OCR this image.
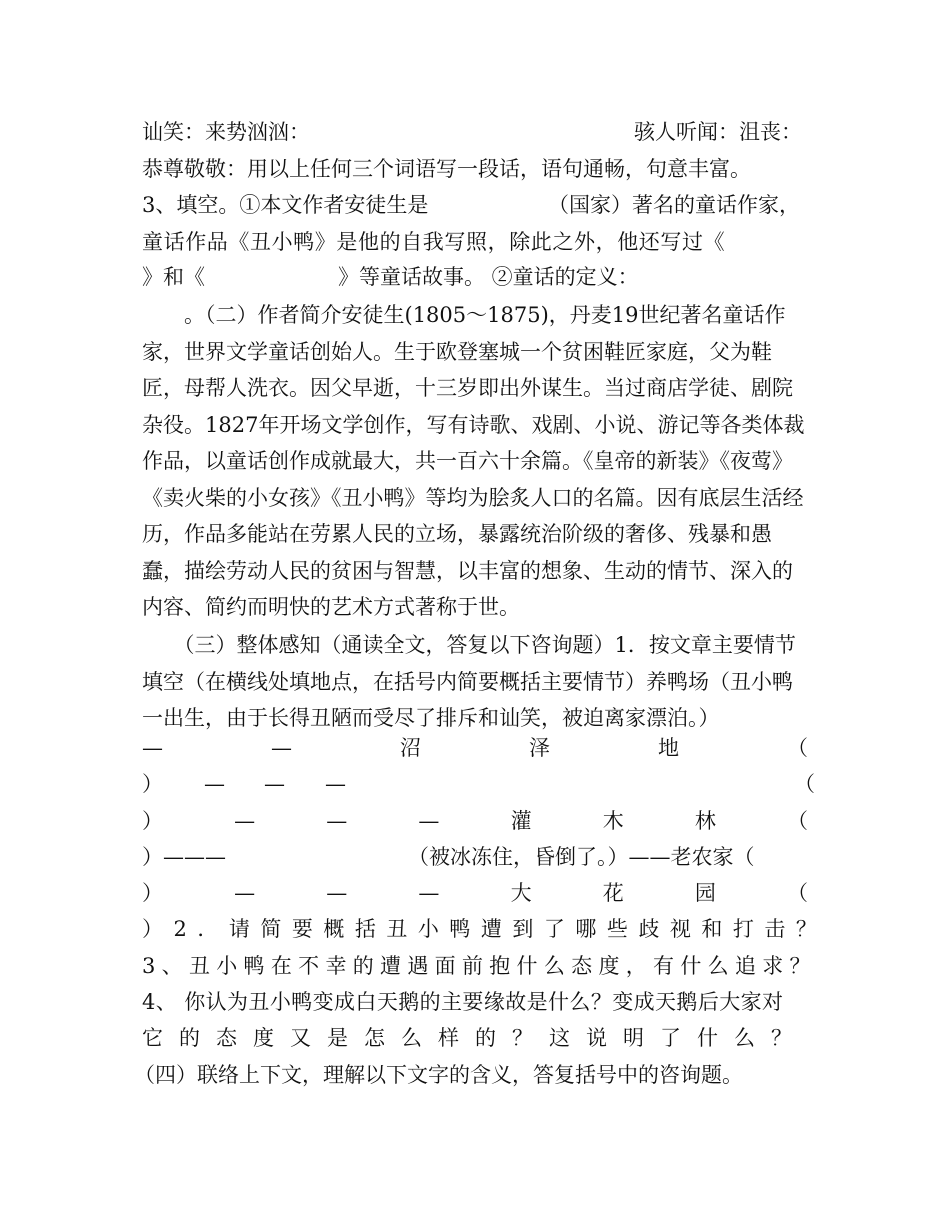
讪笑：来势汹汹：	骇人听闻：沮丧：
恭尊敬敬：用以上任何三个词语写一段话，语句通畅，句意丰富。
3、填空。①本文作者安徒生是	（国家）著名的童话作家，
童话作品《丑小鸭》是他的自我写照，除此之外，他还写过《
》和《	》等童话故事。 ②童话的定义：
　　。（二）作者简介安徒生(1805～1875)，丹麦19世纪著名童话作家，世界文学童话创始人。生于欧登塞城一个贫困鞋匠家庭，父为鞋匠，母帮人洗衣。因父早逝，十三岁即出外谋生。当过商店学徒、剧院杂役。1827年开场文学创作，写有诗歌、戏剧、小说、游记等各类体裁作品，以童话创作成就最大，共一百六十余篇。《皇帝的新装》《夜莺》《卖火柴的小女孩》《丑小鸭》等均为脍炙人口的名篇。因有底层生活经历，作品多能站在劳累人民的立场，暴露统治阶级的奢侈、残暴和愚蠢，描绘劳动人民的贫困与智慧，以丰富的想象、生动的情节、深入的内容、简约而明快的艺术方式著称于世。
　　（三）整体感知（通读全文，答复以下咨询题）1．按文章主要情节填空（在横线处填地点，在括号内简要概括主要情节）养鸭场（丑小鸭一出生，由于长得丑陋而受尽了排斥和讪笑，被迫离家漂泊。）
—	—	沼	泽	地	（
） — — —	（
）	—	—	—	灌	木	林	（
）———	（被冰冻住，昏倒了。）——老农家（
）	—	—	—	大	花	园	（
）2．请简要概括丑小鸭遭到了哪些歧视和打击？
3、丑小鸭在不幸的遭遇面前抱什么态度，有什么追求？
4、 你认为丑小鸭变成白天鹅的主要缘故是什么？变成天鹅后大家对
它的态度又是怎么样的？这说明了什么？
（四）联络上下文，理解以下文字的含义，答复括号中的咨询题。
